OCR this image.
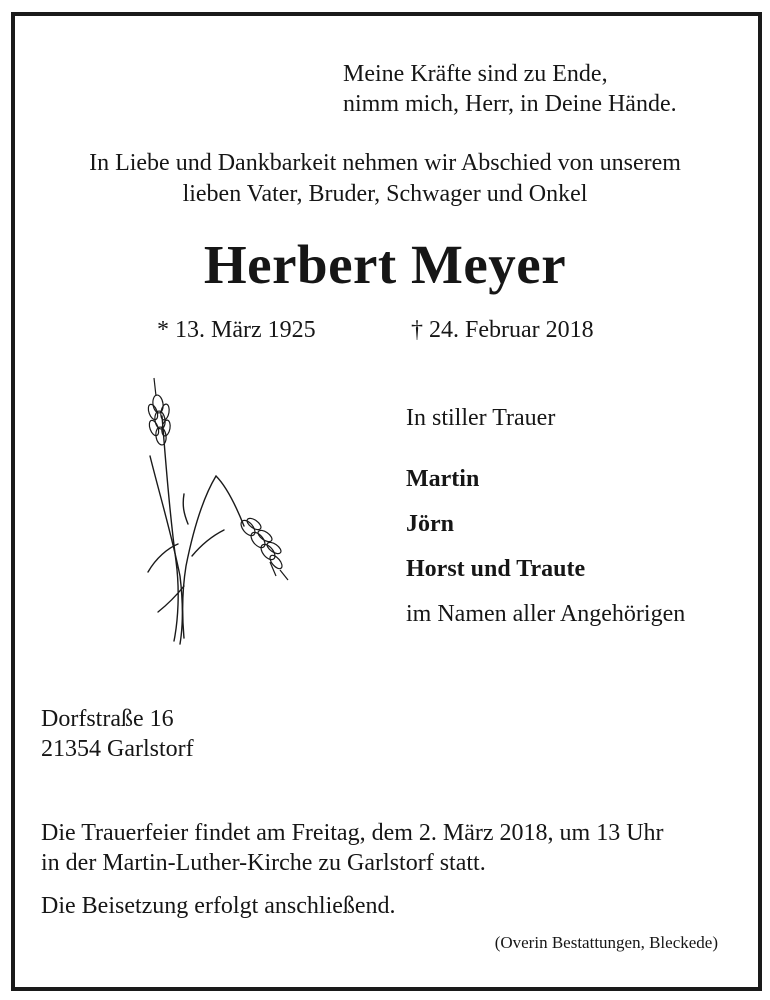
Meine Kräfte sind zu Ende,
nimm mich, Herr, in Deine Hände.
In Liebe und Dankbarkeit nehmen wir Abschied von unserem
lieben Vater, Bruder, Schwager und Onkel
Herbert Meyer
* 13. März 1925	† 24. Februar 2018
In stiller Trauer
Martin
Jörn
Horst und Traute
im Namen aller Angehörigen
Dorfstraße 16
21354 Garlstorf
Die Trauerfeier findet am Freitag, dem 2. März 2018, um 13 Uhr
in der Martin-Luther-Kirche zu Garlstorf statt.
Die Beisetzung erfolgt anschließend.
(Overin Bestattungen, Bleckede)
